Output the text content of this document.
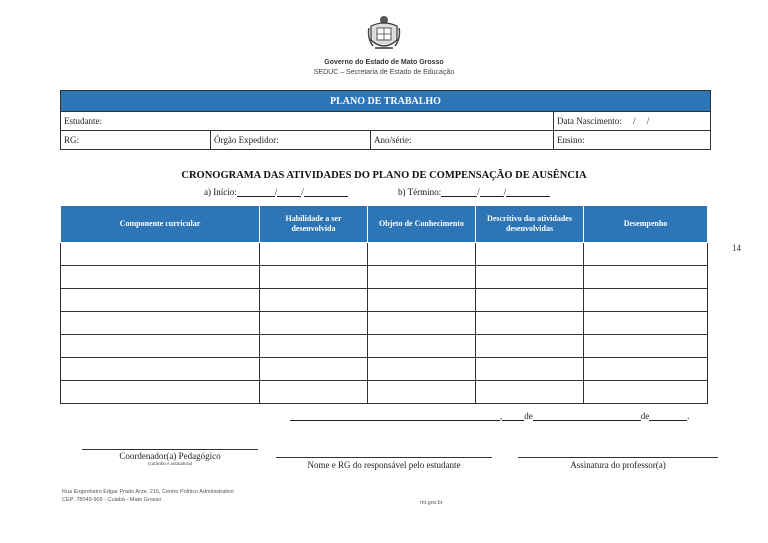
Governo do Estado de Mato Grosso
SEDUC – Secretaria de Estado de Educação
PLANO DE TRABALHO			
Estudante:			Data Nascimento: /     /
RG:	Órgão Expedidor:	Ano/série:	Ensino:
CRONOGRAMA DAS ATIVIDADES DO PLANO DE COMPENSAÇÃO DE AUSÊNCIA
a) Início:	/	/	b) Término:	/	/
Componente curricular	Habilidade a ser desenvolvida	Objeto de Conhecimento	Descritivo das atividades desenvolvidas	Desempenho

14
, de	de	.
Coordenador(a) Pedagógico
(carimbo e assinatura)	Nome e RG do responsável pelo estudante	Assinatura do professor(a)
Rua Engenheiro Edgar Prado Arze, 215, Centro Político Administrativo
CEP: 78049-909 - Cuiabá - Mato Grosso	mt.gov.br
